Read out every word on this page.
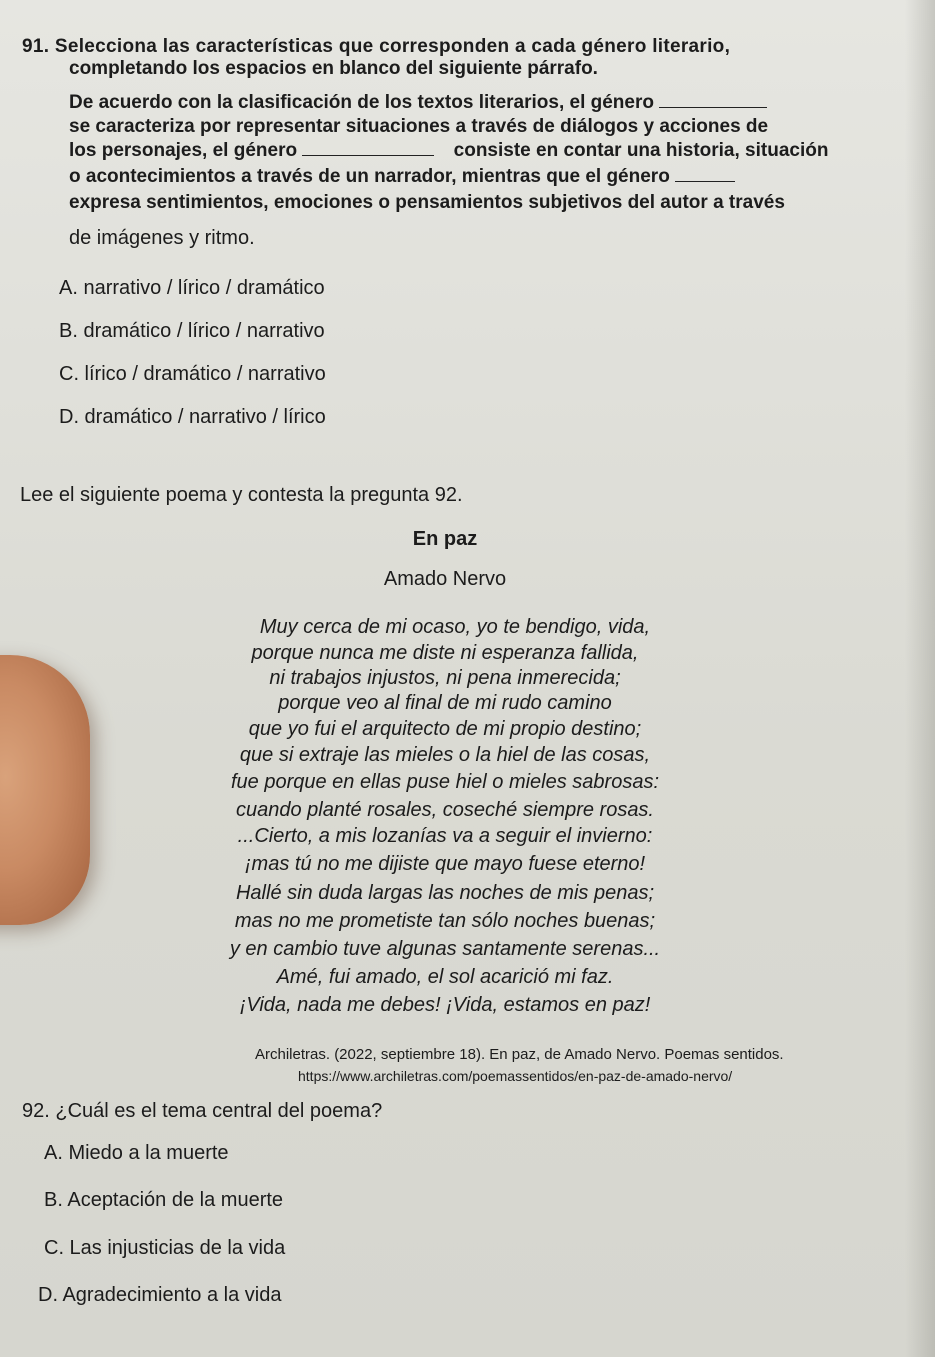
91. Selecciona las características que corresponden a cada género literario,

completando los espacios en blanco del siguiente párrafo.

De acuerdo con la clasificación de los textos literarios, el género

se caracteriza por representar situaciones a través de diálogos y acciones de

los personajes, el género	consiste en contar una historia, situación

o acontecimientos a través de un narrador, mientras que el género

expresa sentimientos, emociones o pensamientos subjetivos del autor a través

de imágenes y ritmo.

A. narrativo / lírico / dramático

B. dramático / lírico / narrativo

C. lírico / dramático / narrativo

D. dramático / narrativo / lírico

Lee el siguiente poema y contesta la pregunta 92.

En paz

Amado Nervo

Muy cerca de mi ocaso, yo te bendigo, vida,

porque nunca me diste ni esperanza fallida,

ni trabajos injustos, ni pena inmerecida;

porque veo al final de mi rudo camino

que yo fui el arquitecto de mi propio destino;

que si extraje las mieles o la hiel de las cosas,

fue porque en ellas puse hiel o mieles sabrosas:

cuando planté rosales, coseché siempre rosas.

...Cierto, a mis lozanías va a seguir el invierno:

¡mas tú no me dijiste que mayo fuese eterno!

Hallé sin duda largas las noches de mis penas;

mas no me prometiste tan sólo noches buenas;

y en cambio tuve algunas santamente serenas...

Amé, fui amado, el sol acarició mi faz.

¡Vida, nada me debes! ¡Vida, estamos en paz!

Archiletras. (2022, septiembre 18). En paz, de Amado Nervo. Poemas sentidos.

https://www.archiletras.com/poemassentidos/en-paz-de-amado-nervo/

92. ¿Cuál es el tema central del poema?

A. Miedo a la muerte

B. Aceptación de la muerte

C. Las injusticias de la vida

D. Agradecimiento a la vida
